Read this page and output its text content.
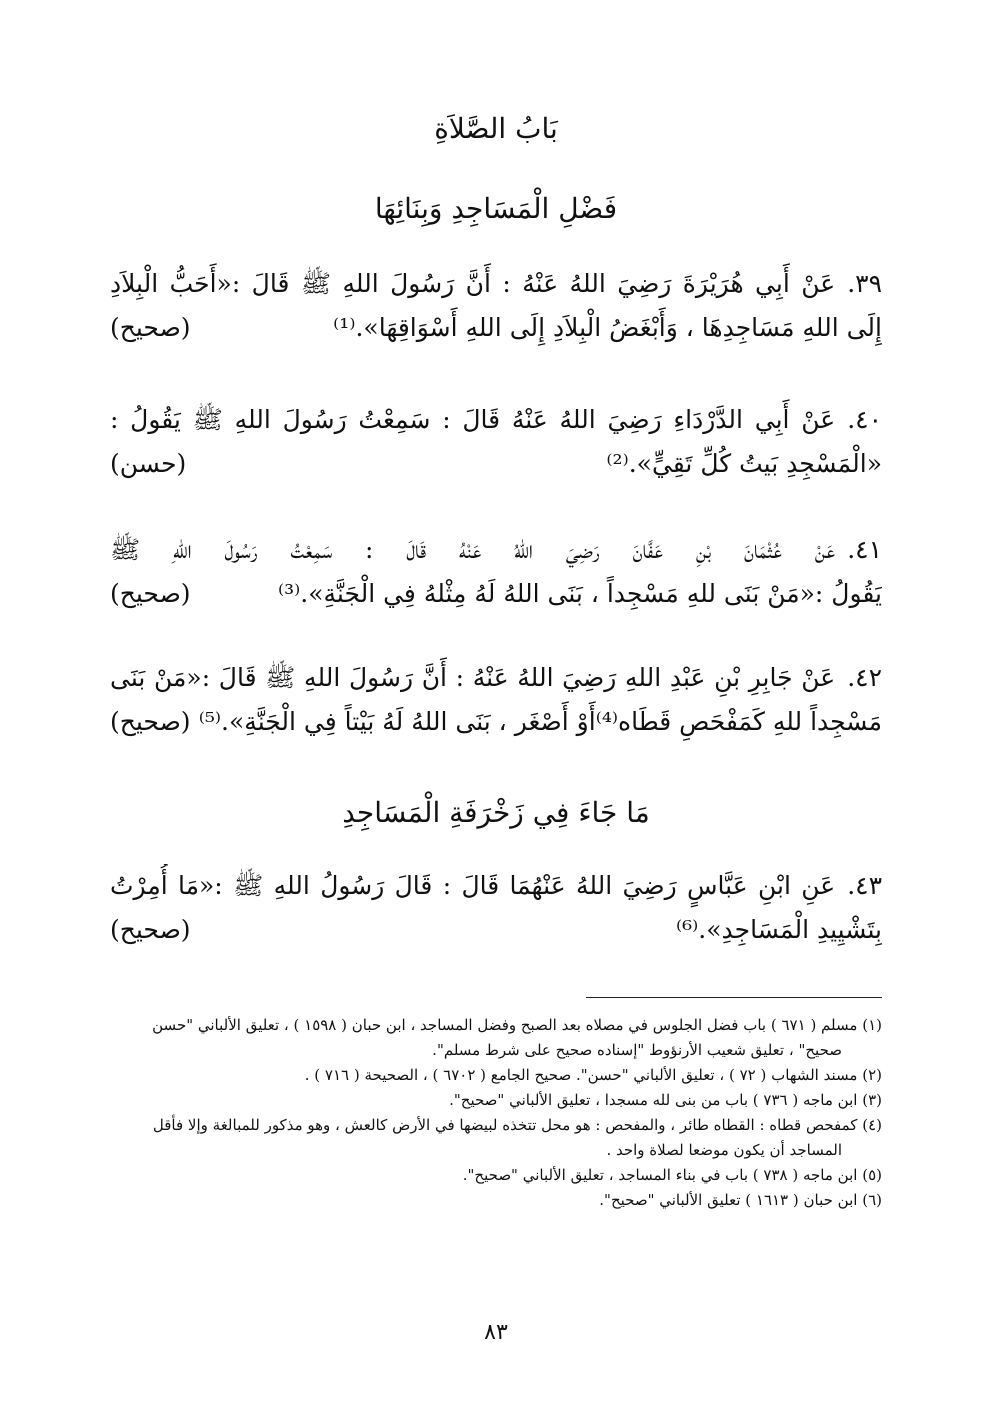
بَابُ الصَّلاَةِ
فَضْلِ الْمَسَاجِدِ وَبِنَائِهَا
٣٩.عَنْ أَبِي هُرَيْرَةَ رَضِيَ اللهُ عَنْهُ : أَنَّ رَسُولَ اللهِ ﷺ قَالَ :«أَحَبُّ الْبِلاَدِ
إِلَى اللهِ مَسَاجِدِهَا ، وَأَبْغَضُ الْبِلاَدِ إِلَى اللهِ أَسْوَاقِهَا».⁽¹⁾
(صحيح)
٤٠.عَنْ أَبِي الدَّرْدَاءِ رَضِيَ اللهُ عَنْهُ قَالَ : سَمِعْتُ رَسُولَ اللهِ ﷺ يَقُولُ :
«الْمَسْجِدِ بَيتُ كُلِّ تَقِيٍّ».⁽²⁾
(حسن)
٤١.عَنْ عُثْمَانَ بْنِ عَفَّانَ رَضِيَ اللهُ عَنْهُ قَالَ : سَمِعْتُ رَسُولَ اللهِ ﷺ
يَقُولُ :«مَنْ بَنَى للهِ مَسْجِداً ، بَنَى اللهُ لَهُ مِثْلهُ فِي الْجَنَّةِ».⁽³⁾
(صحيح)
٤٢.عَنْ جَابِرِ بْنِ عَبْدِ اللهِ رَضِيَ اللهُ عَنْهُ : أَنَّ رَسُولَ اللهِ ﷺ قَالَ :«مَنْ بَنَى
مَسْجِداً للهِ كَمَفْحَصِ قَطَاه⁽⁴⁾أَوْ أَصْغَر ، بَنَى اللهُ لَهُ بَيْتاً فِي الْجَنَّةِ».⁽⁵⁾
(صحيح)
مَا جَاءَ فِي زَخْرَفَةِ الْمَسَاجِدِ
٤٣.عَنِ ابْنِ عَبَّاسٍ رَضِيَ اللهُ عَنْهُمَا قَالَ : قَالَ رَسُولُ اللهِ ﷺ :«مَا أُمِرْتُ
بِتَشْيِيدِ الْمَسَاجِدِ».⁽⁶⁾
(صحيح)
(١) مسلم ( ٦٧١ ) باب فضل الجلوس في مصلاه بعد الصبح وفضل المساجد ، ابن حبان ( ١٥٩٨ ) ، تعليق الألباني "حسن
صحيح" ، تعليق شعيب الأرنؤوط "إسناده صحيح على شرط مسلم".
(٢) مسند الشهاب ( ٧٢ ) ، تعليق الألباني "حسن". صحيح الجامع ( ٦٧٠٢ ) ، الصحيحة ( ٧١٦ ) .
(٣) ابن ماجه ( ٧٣٦ ) باب من بنى لله مسجدا ، تعليق الألباني "صحيح".
(٤) كمفحص قطاه : القطاه طائر ، والمفحص : هو محل تتخذه لبيضها في الأرض كالعش ، وهو مذكور للمبالغة وإلا فأقل
المساجد أن يكون موضعا لصلاة واحد .
(٥) ابن ماجه ( ٧٣٨ ) باب في بناء المساجد ، تعليق الألباني "صحيح".
(٦) ابن حبان ( ١٦١٣ ) تعليق الألباني "صحيح".
٨٣
